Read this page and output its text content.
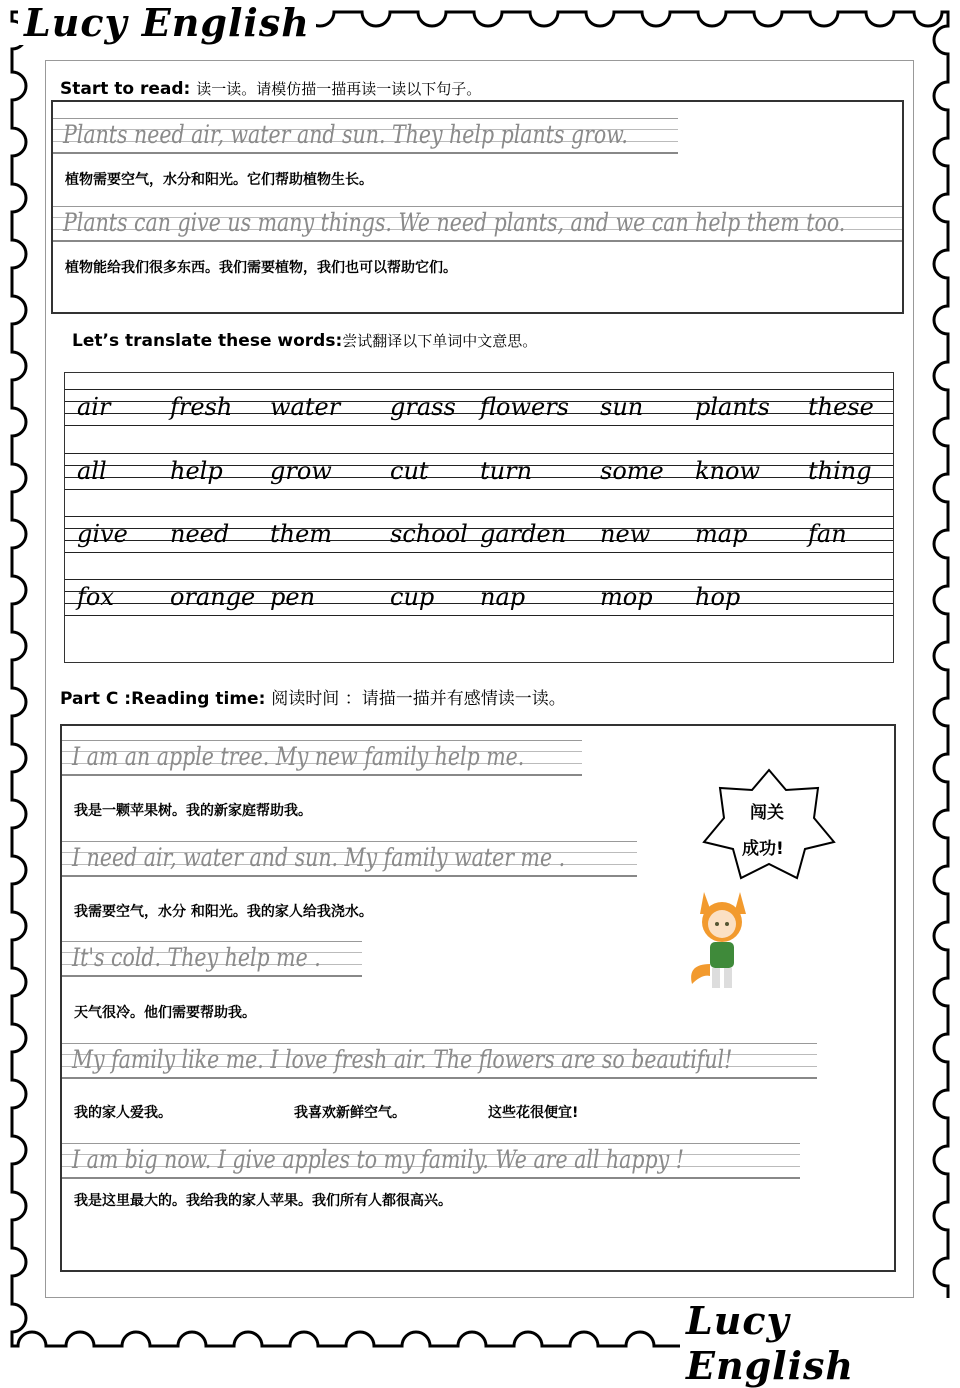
Lucy English
Lucy English
Start to read: 读一读。请模仿描一描再读一读以下句子。
Plants need air, water and sun. They help plants grow.
植物需要空气，水分和阳光。它们帮助植物生长。
Plants can give us many things. We need plants, and we can help them too.
植物能给我们很多东西。我们需要植物，我们也可以帮助它们。
Let’s translate these words:尝试翻译以下单词中文意思。
air fresh water grass flowers sun plants these
all	help grow cut turn	some know thing
give need them school garden new map	fan
fox orange pen	cup nap	mop hop
Part C :Reading time: 阅读时间 ：请描一描并有感情读一读。
闯关
成功!
I am an apple tree. My new family help me.
我是一颗苹果树。我的新家庭帮助我。
I need air, water and sun. My family water me .
我需要空气，水分 和阳光。我的家人给我浇水。
It's cold. They help me .
天气很冷。他们需要帮助我。
My family like me. I love fresh air. The flowers are so beautiful!
我的家人爱我。	我喜欢新鲜空气。	这些花很便宜!
I am big now. I give apples to my family. We are all happy !
我是这里最大的。我给我的家人苹果。我们所有人都很高兴。
